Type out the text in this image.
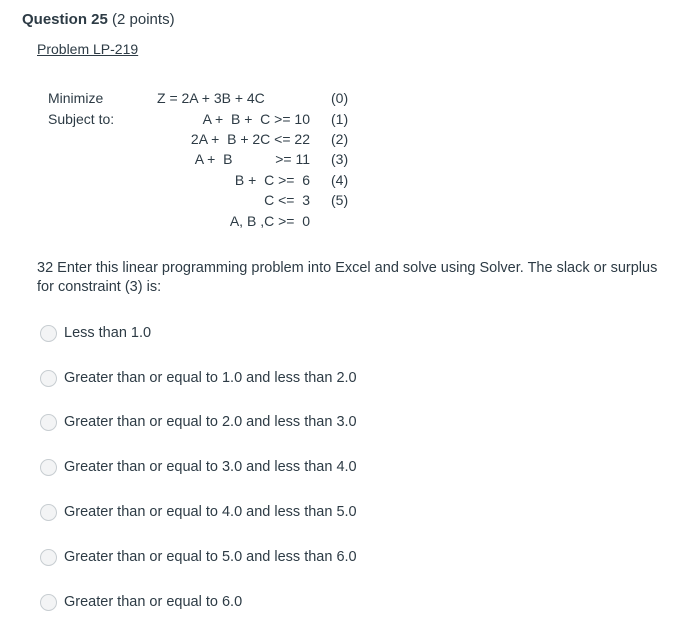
Question 25 (2 points)
Problem LP-219
Minimize
Subject to:
Z = 2A + 3B + 4C	(0)
A +  B +  C >= 10 (1)
2A +  B + 2C <= 22 (2)
A +  B           >= 11 (3)
B +  C >=  6 (4)
C <=  3 (5)
A, B ,C >=  0
32 Enter this linear programming problem into Excel and solve using Solver. The slack or surplus for constraint (3) is:
Less than 1.0
Greater than or equal to 1.0 and less than 2.0
Greater than or equal to 2.0 and less than 3.0
Greater than or equal to 3.0 and less than 4.0
Greater than or equal to 4.0 and less than 5.0
Greater than or equal to 5.0 and less than 6.0
Greater than or equal to 6.0
